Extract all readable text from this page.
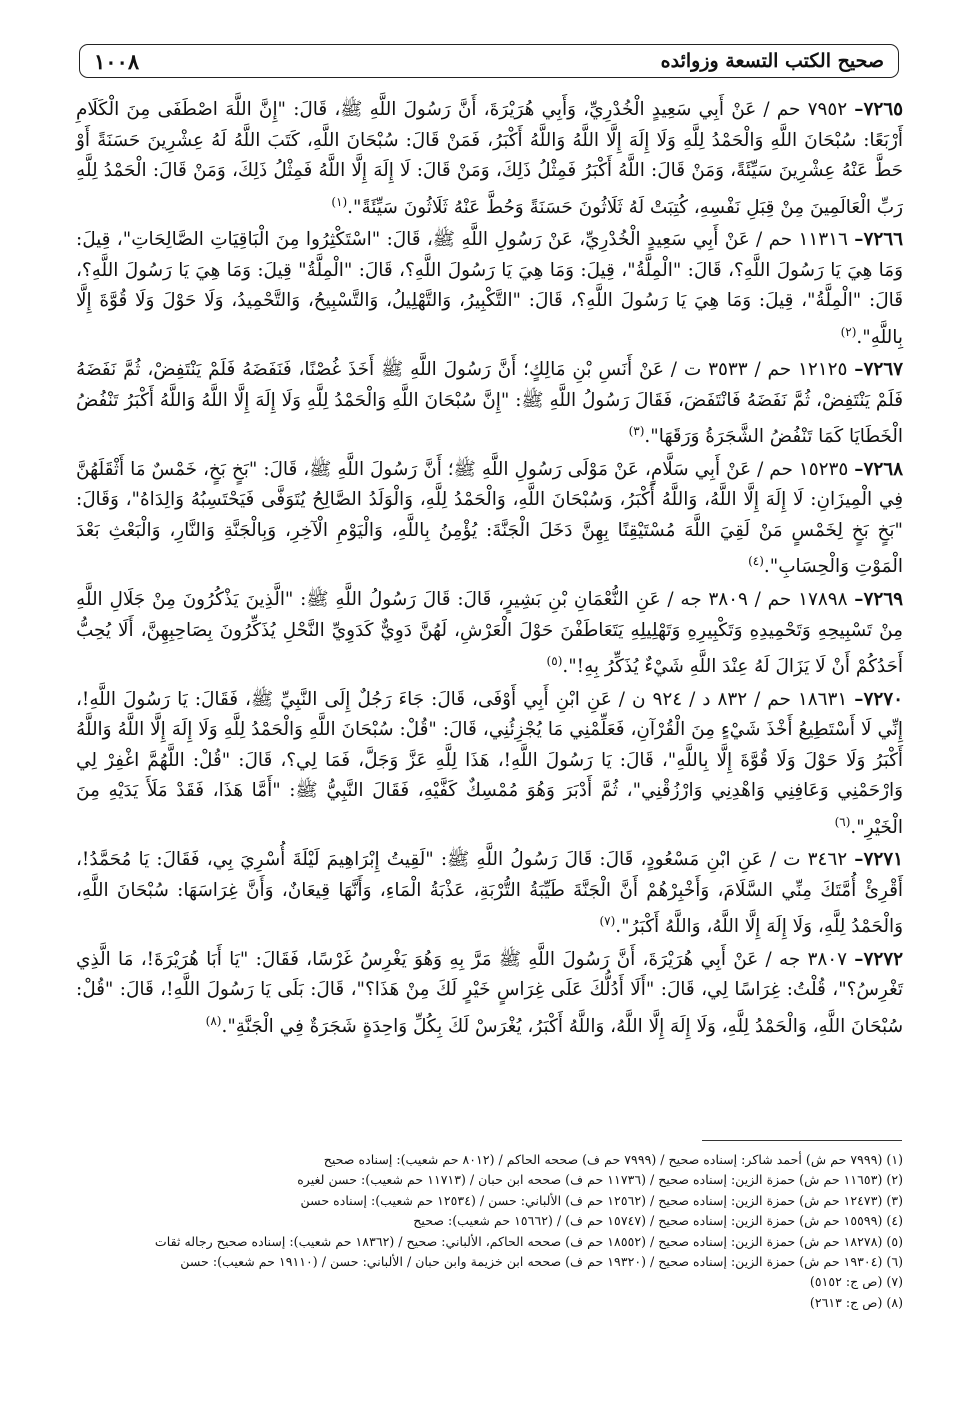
صحيح الكتب التسعة وزوائده
١٠٠٨

٧٢٦٥– ٧٩٥٢ حم / عَنْ أَبِي سَعِيدٍ الْخُدْرِيِّ، وَأَبِي هُرَيْرَةَ، أَنَّ رَسُولَ اللَّهِ ﷺ، قَالَ: "إِنَّ اللَّهَ اصْطَفَى مِنَ الْكَلَامِ أَرْبَعًا: سُبْحَانَ اللَّهِ وَالْحَمْدُ لِلَّهِ وَلَا إِلَهَ إِلَّا اللَّهُ وَاللَّهُ أَكْبَرُ، فَمَنْ قَالَ: سُبْحَانَ اللَّهِ، كَتَبَ اللَّهُ لَهُ عِشْرِينَ حَسَنَةً أَوْ حَطَّ عَنْهُ عِشْرِينَ سَيِّئَةً، وَمَنْ قَالَ: اللَّهُ أَكْبَرُ فَمِثْلُ ذَلِكَ، وَمَنْ قَالَ: لَا إِلَهَ إِلَّا اللَّهُ فَمِثْلُ ذَلِكَ، وَمَنْ قَالَ: الْحَمْدُ لِلَّهِ رَبِّ الْعَالَمِينَ مِنْ قِبَلِ نَفْسِهِ، كُتِبَتْ لَهُ ثَلَاثُونَ حَسَنَةً وَحُطَّ عَنْهُ ثَلَاثُونَ سَيِّئَةً".$^{(١)}$

٧٢٦٦– ١١٣١٦ حم / عَنْ أَبِي سَعِيدٍ الْخُدْرِيِّ، عَنْ رَسُولِ اللَّهِ ﷺ، قَالَ: "اسْتَكْثِرُوا مِنَ الْبَاقِيَاتِ الصَّالِحَاتِ"، قِيلَ: وَمَا هِيَ يَا رَسُولَ اللَّهِ؟، قَالَ: "الْمِلَّةُ"، قِيلَ: وَمَا هِيَ يَا رَسُولَ اللَّهِ؟، قَالَ: "الْمِلَّةُ" قِيلَ: وَمَا هِيَ يَا رَسُولَ اللَّهِ؟، قَالَ: "الْمِلَّةُ"، قِيلَ: وَمَا هِيَ يَا رَسُولَ اللَّهِ؟، قَالَ: "التَّكْبِيرُ، وَالتَّهْلِيلُ، وَالتَّسْبِيحُ، وَالتَّحْمِيدُ، وَلَا حَوْلَ وَلَا قُوَّةَ إِلَّا بِاللَّهِ".$^{(٢)}$

٧٢٦٧– ١٢١٢٥ حم / ٣٥٣٣ ت / عَنْ أَنَسِ بْنِ مَالِكٍ؛ أَنَّ رَسُولَ اللَّهِ ﷺ أَخَذَ غُصْنًا، فَنَفَضَهُ فَلَمْ يَنْتَفِضْ، ثُمَّ نَفَضَهُ فَلَمْ يَنْتَفِضْ، ثُمَّ نَفَضَهُ فَانْتَفَضَ، فَقَالَ رَسُولُ اللَّهِ ﷺ: "إِنَّ سُبْحَانَ اللَّهِ وَالْحَمْدُ لِلَّهِ وَلَا إِلَهَ إِلَّا اللَّهُ وَاللَّهُ أَكْبَرُ تَنْفُضُ الْخَطَايَا كَمَا تَنْفُضُ الشَّجَرَةُ وَرَقَهَا".$^{(٣)}$

٧٢٦٨– ١٥٢٣٥ حم / عَنْ أَبِي سَلَّامٍ، عَنْ مَوْلَى رَسُولِ اللَّهِ ﷺ؛ أَنَّ رَسُولَ اللَّهِ ﷺ، قَالَ: "بَخٍ بَخٍ، خَمْسٌ مَا أَثْقَلَهُنَّ فِي الْمِيزَانِ: لَا إِلَهَ إِلَّا اللَّهُ، وَاللَّهُ أَكْبَرُ، وَسُبْحَانَ اللَّهِ، وَالْحَمْدُ لِلَّهِ، وَالْوَلَدُ الصَّالِحُ يُتَوَفَّى فَيَحْتَسِبُهُ وَالِدَاهُ"، وَقَالَ: "بَخٍ بَخٍ لِخَمْسٍ مَنْ لَقِيَ اللَّهَ مُسْتَيْقِنًا بِهِنَّ دَخَلَ الْجَنَّةَ: يُؤْمِنُ بِاللَّهِ، وَالْيَوْمِ الْآخِرِ، وَبِالْجَنَّةِ وَالنَّارِ، وَالْبَعْثِ بَعْدَ الْمَوْتِ وَالْحِسَابِ".$^{(٤)}$

٧٢٦٩– ١٧٨٩٨ حم / ٣٨٠٩ جه / عَنِ النُّعْمَانِ بْنِ بَشِيرٍ، قَالَ: قَالَ رَسُولُ اللَّهِ ﷺ: "الَّذِينَ يَذْكُرُونَ مِنْ جَلَالِ اللَّهِ مِنْ تَسْبِيحِهِ وَتَحْمِيدِهِ وَتَكْبِيرِهِ وَتَهْلِيلِهِ يَتَعَاطَفْنَ حَوْلَ الْعَرْشِ، لَهُنَّ دَوِيٌّ كَدَوِيِّ النَّحْلِ يُذَكِّرُونَ بِصَاحِبِهِنَّ، أَلَا يُحِبُّ أَحَدُكُمْ أَنْ لَا يَزَالَ لَهُ عِنْدَ اللَّهِ شَيْءٌ يُذَكِّرُ بِهِ!".$^{(٥)}$

٧٢٧٠– ١٨٦٣١ حم / ٨٣٢ د / ٩٢٤ ن / عَنِ ابْنِ أَبِي أَوْفَى، قَالَ: جَاءَ رَجُلٌ إِلَى النَّبِيِّ ﷺ، فَقَالَ: يَا رَسُولَ اللَّهِ!، إِنِّي لَا أَسْتَطِيعُ أَخْذَ شَيْءٍ مِنَ الْقُرْآنِ، فَعَلِّمْنِي مَا يُجْزِئُنِي، قَالَ: "قُلْ: سُبْحَانَ اللَّهِ وَالْحَمْدُ لِلَّهِ وَلَا إِلَهَ إِلَّا اللَّهُ وَاللَّهُ أَكْبَرُ وَلَا حَوْلَ وَلَا قُوَّةَ إِلَّا بِاللَّهِ"، قَالَ: يَا رَسُولَ اللَّهِ!، هَذَا لِلَّهِ عَزَّ وَجَلَّ، فَمَا لِي؟، قَالَ: "قُلْ: اللَّهُمَّ اغْفِرْ لِي وَارْحَمْنِي وَعَافِنِي وَاهْدِنِي وَارْزُقْنِي"، ثُمَّ أَدْبَرَ وَهُوَ مُمْسِكٌ كَفَّيْهِ، فَقَالَ النَّبِيُّ ﷺ: "أَمَّا هَذَا، فَقَدْ مَلَأَ يَدَيْهِ مِنَ الْخَيْرِ".$^{(٦)}$

٧٢٧١– ٣٤٦٢ ت / عَنِ ابْنِ مَسْعُودٍ، قَالَ: قَالَ رَسُولُ اللَّهِ ﷺ: "لَقِيتُ إِبْرَاهِيمَ لَيْلَةَ أُسْرِيَ بِي، فَقَالَ: يَا مُحَمَّدُ!، أَقْرِئْ أُمَّتَكَ مِنِّي السَّلَامَ، وَأَخْبِرْهُمْ أَنَّ الْجَنَّةَ طَيِّبَةُ التُّرْبَةِ، عَذْبَةُ الْمَاءِ، وَأَنَّهَا قِيعَانٌ، وَأَنَّ غِرَاسَهَا: سُبْحَانَ اللَّهِ، وَالْحَمْدُ لِلَّهِ، وَلَا إِلَهَ إِلَّا اللَّهُ، وَاللَّهُ أَكْبَرُ".$^{(٧)}$

٧٢٧٢– ٣٨٠٧ جه / عَنْ أَبِي هُرَيْرَةَ، أَنَّ رَسُولَ اللَّهِ ﷺ مَرَّ بِهِ وَهُوَ يَغْرِسُ غَرْسًا، فَقَالَ: "يَا أَبَا هُرَيْرَةَ!، مَا الَّذِي تَغْرِسُ؟"، قُلْتُ: غِرَاسًا لِي، قَالَ: "أَلَا أَدُلُّكَ عَلَى غِرَاسٍ خَيْرٍ لَكَ مِنْ هَذَا؟"، قَالَ: بَلَى يَا رَسُولَ اللَّهِ!، قَالَ: "قُلْ: سُبْحَانَ اللَّهِ، وَالْحَمْدُ لِلَّهِ، وَلَا إِلَهَ إِلَّا اللَّهُ، وَاللَّهُ أَكْبَرُ، يُغْرَسْ لَكَ بِكُلِّ وَاحِدَةٍ شَجَرَةٌ فِي الْجَنَّةِ".$^{(٨)}$

(١) (٧٩٩٩ حم ش) أحمد شاكر: إسناده صحيح / (٧٩٩٩ حم ف) صححه الحاكم / (٨٠١٢ حم شعيب): إسناده صحيح

(٢) (١١٦٥٣ حم ش) حمزة الزين: إسناده صحيح / (١١٧٣٦ حم ف) صححه ابن حبان / (١١٧١٣ حم شعيب): حسن لغيره

(٣) (١٢٤٧٣ حم ش) حمزة الزين: إسناده صحيح / (١٢٥٦٢ حم ف) الألباني: حسن / (١٢٥٣٤ حم شعيب): إسناده حسن

(٤) (١٥٥٩٩ حم ش) حمزة الزين: إسناده صحيح / (١٥٧٤٧ حم ف) / (١٥٦٦٢ حم شعيب): صحيح

(٥) (١٨٢٧٨ حم ش) حمزة الزين: إسناده صحيح / (١٨٥٥٢ حم ف) صححه الحاكم، الألباني: صحيح / (١٨٣٦٢ حم شعيب): إسناده صحيح رجاله ثقات

(٦) (١٩٣٠٤ حم ش) حمزة الزين: إسناده صحيح / (١٩٣٢٠ حم ف) صححه ابن خزيمة وابن حبان / الألباني: حسن / (١٩١١٠ حم شعيب): حسن

(٧) (ص ج: ٥١٥٢)

(٨) (ص ج: ٢٦١٣)
